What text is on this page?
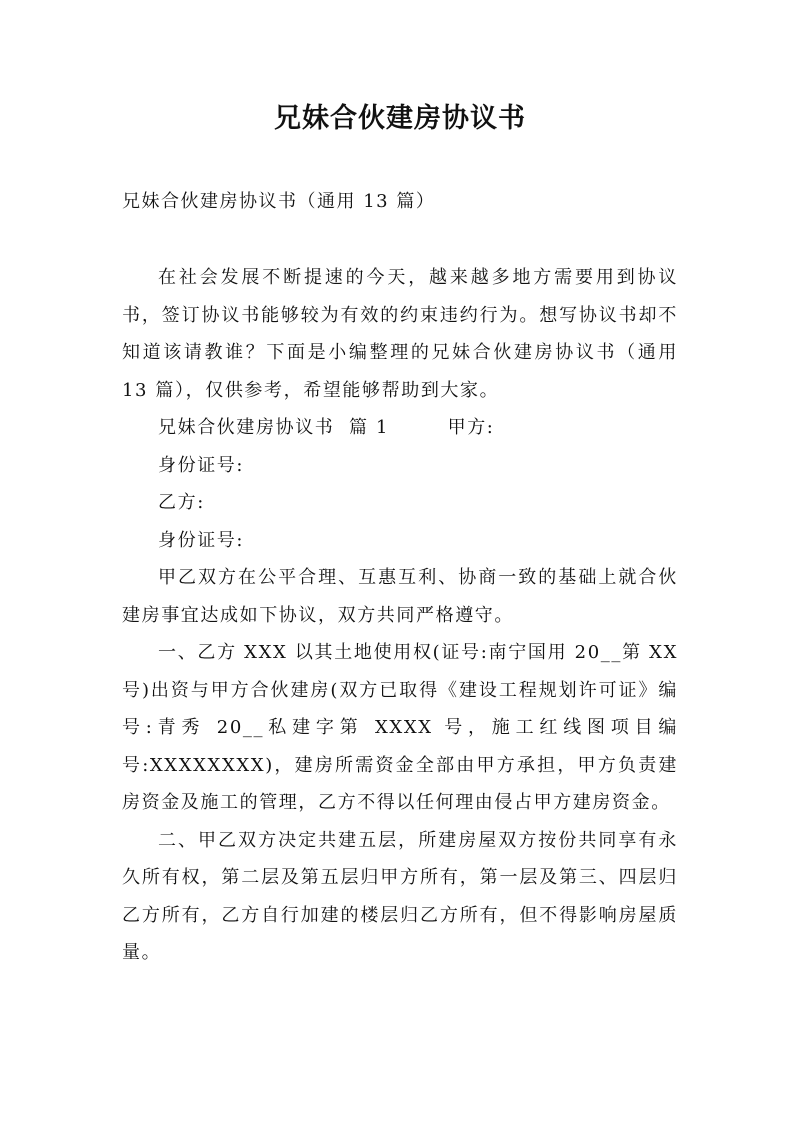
兄妹合伙建房协议书
兄妹合伙建房协议书（通用 13 篇）

在社会发展不断提速的今天，越来越多地方需要用到协议书，签订协议书能够较为有效的约束违约行为。想写协议书却不知道该请教谁？下面是小编整理的兄妹合伙建房协议书（通用 13 篇），仅供参考，希望能够帮助到大家。

兄妹合伙建房协议书  篇 1        甲方:

身份证号:

乙方:

身份证号:

甲乙双方在公平合理、互惠互利、协商一致的基础上就合伙建房事宜达成如下协议，双方共同严格遵守。

一、乙方 XXX 以其土地使用权(证号:南宁国用 20__第 XX 号)出资与甲方合伙建房(双方已取得《建设工程规划许可证》编号:青秀 20__私建字第 XXXX 号，施工红线图项目编号:XXXXXXXX)，建房所需资金全部由甲方承担，甲方负责建房资金及施工的管理，乙方不得以任何理由侵占甲方建房资金。

二、甲乙双方决定共建五层，所建房屋双方按份共同享有永久所有权，第二层及第五层归甲方所有，第一层及第三、四层归乙方所有，乙方自行加建的楼层归乙方所有，但不得影响房屋质量。
